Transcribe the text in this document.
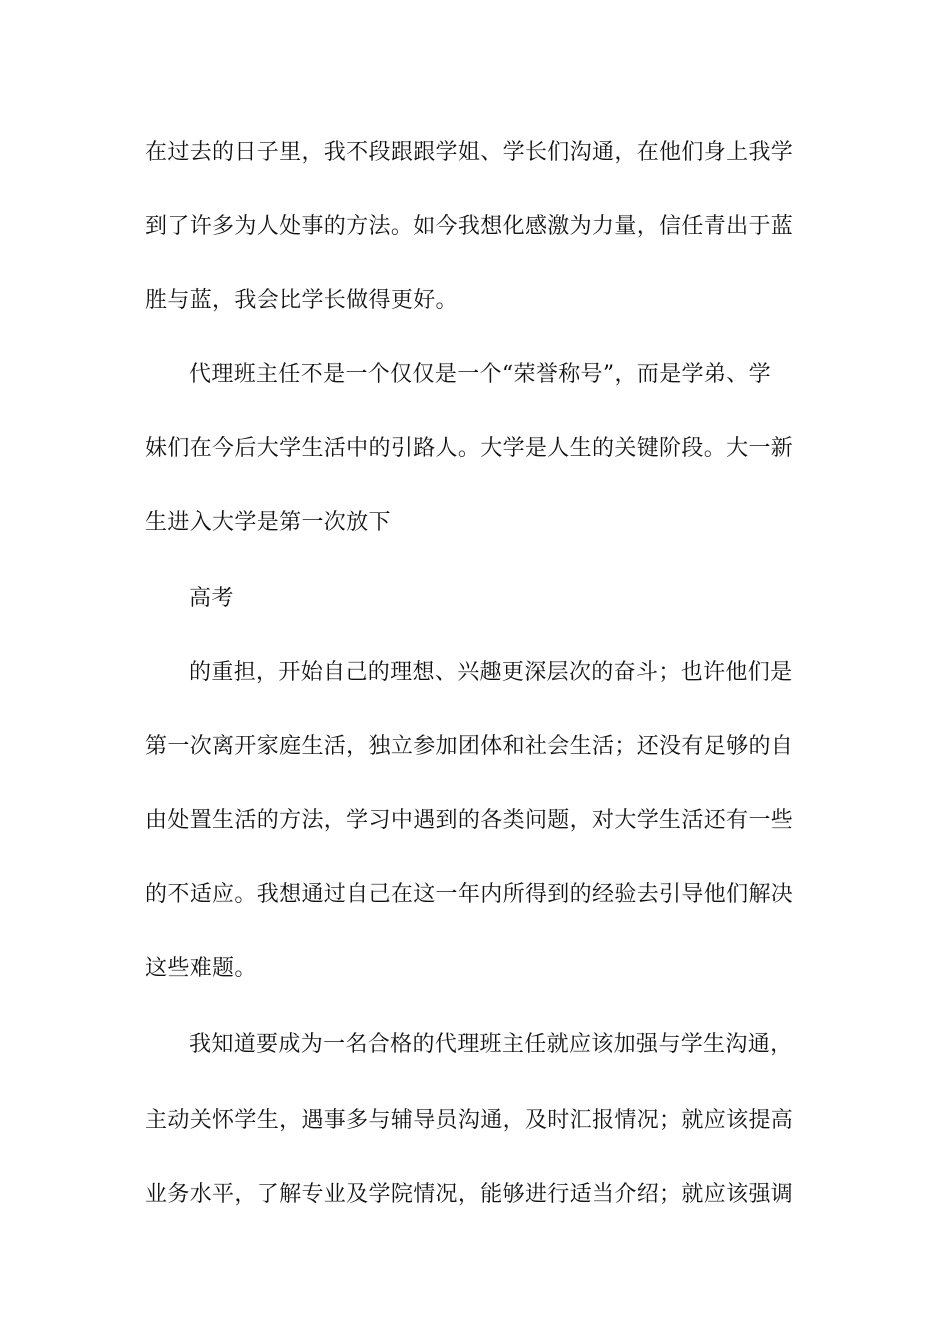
在过去的日子里，我不段跟跟学姐、学长们沟通，在他们身上我学
到了许多为人处事的方法。如今我想化感激为力量，信任青出于蓝
胜与蓝，我会比学长做得更好。
代理班主任不是一个仅仅是一个“荣誉称号”，而是学弟、学
妹们在今后大学生活中的引路人。大学是人生的关键阶段。大一新
生进入大学是第一次放下
高考
的重担，开始自己的理想、兴趣更深层次的奋斗；也许他们是
第一次离开家庭生活，独立参加团体和社会生活；还没有足够的自
由处置生活的方法，学习中遇到的各类问题，对大学生活还有一些
的不适应。我想通过自己在这一年内所得到的经验去引导他们解决
这些难题。
我知道要成为一名合格的代理班主任就应该加强与学生沟通，
主动关怀学生，遇事多与辅导员沟通，及时汇报情况；就应该提高
业务水平，了解专业及学院情况，能够进行适当介绍；就应该强调
